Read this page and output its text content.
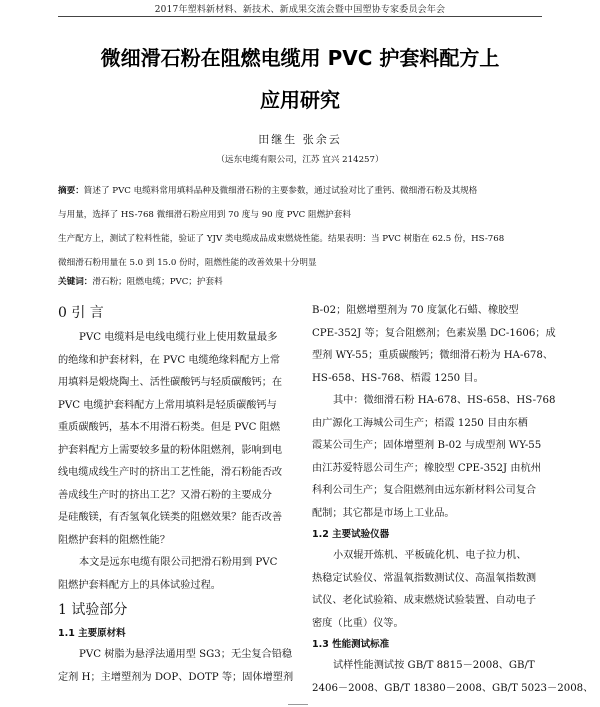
2017年塑料新材料、新技术、新成果交流会暨中国塑协专家委员会年会
微细滑石粉在阻燃电缆用 PVC 护套料配方上
应用研究
田继生 张余云
（远东电缆有限公司，江苏 宜兴 214257）
摘要：简述了 PVC 电缆料常用填料品种及微细滑石粉的主要参数，通过试验对比了重钙、微细滑石粉及其规格
与用量，选择了 HS-768 微细滑石粉应用到 70 度与 90 度 PVC 阻燃护套料
生产配方上，测试了粒料性能，验证了 YJV 类电缆成品成束燃烧性能。结果表明：当 PVC 树脂在 62.5 份，HS-768
微细滑石粉用量在 5.0 到 15.0 份时，阻燃性能的改善效果十分明显
关键词：滑石粉；阻燃电缆；PVC；护套料
0 引 言
PVC 电缆料是电线电缆行业上使用数量最多
的绝缘和护套材料，在 PVC 电缆绝缘料配方上常
用填料是煅烧陶土、活性碳酸钙与轻质碳酸钙；在
PVC 电缆护套料配方上常用填料是轻质碳酸钙与
重质碳酸钙，基本不用滑石粉类。但是 PVC 阻燃
护套料配方上需要较多量的粉体阻燃剂，影响到电
线电缆成线生产时的挤出工艺性能，滑石粉能否改
善成线生产时的挤出工艺？又滑石粉的主要成分
是硅酸镁，有否氢氧化镁类的阻燃效果？能否改善
阻燃护套料的阻燃性能？
本文是远东电缆有限公司把滑石粉用到 PVC
阻燃护套料配方上的具体试验过程。
1 试验部分
1.1 主要原材料
PVC 树脂为悬浮法通用型 SG3；无尘复合铅稳
定剂 H；主增塑剂为 DOP、DOTP 等；固体增塑剂
B-02；阻燃增塑剂为 70 度氯化石蜡、橡胶型
CPE-352J 等；复合阻燃剂；色素炭墨 DC-1606；成
型剂 WY-55；重质碳酸钙；微细滑石粉为 HA-678、
HS-658、HS-768、梧霞 1250 目。
其中：微细滑石粉 HA-678、HS-658、HS-768
由广源化工海城公司生产；梧霞 1250 目由东栖
霞某公司生产；固体增塑剂 B-02 与成型剂 WY-55
由江苏爱特恩公司生产；橡胶型 CPE-352J 由杭州
科利公司生产；复合阻燃剂由远东新材料公司复合
配制；其它都是市场上工业品。
1.2 主要试验仪器
小双辊开炼机、平板硫化机、电子拉力机、
热稳定试验仪、常温氧指数测试仪、高温氧指数测
试仪、老化试验箱、成束燃烧试验装置、自动电子
密度（比重）仪等。
1.3 性能测试标准
试样性能测试按 GB/T 8815－2008、GB/T
2406－2008、GB/T 18380－2008、GB/T 5023－2008、
